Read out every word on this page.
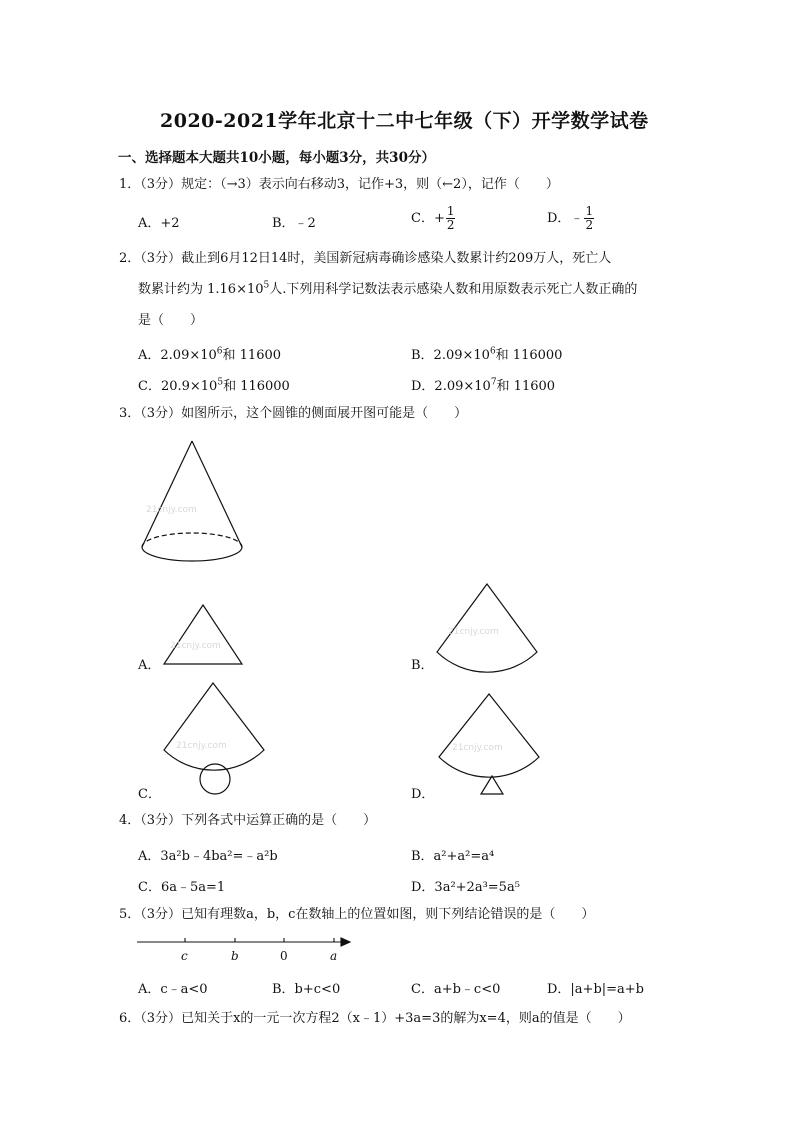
2020-2021学年北京十二中七年级（下）开学数学试卷
一、选择题本大题共10小题，每小题3分，共30分）
1．（3分）规定：（→3）表示向右移动3，记作+3，则（←2），记作（　　）
A．+2	B．﹣2	C．+ $\frac{1}{2}$	D．﹣ $\frac{1}{2}$
2．（3分）截止到6月12日14时，美国新冠病毒确诊感染人数累计约209万人，死亡人
数累计约为 $1.16\times 10^5$人.下列用科学记数法表示感染人数和用原数表示死亡人数正确的
是（　　）
A．$2.09\times 10^6$和 11600	B．$2.09\times 10^6$和 116000
C．$20.9\times 10^5$和 116000	D．$2.09\times 10^7$和 11600
3．（3分）如图所示，这个圆锥的侧面展开图可能是（　　）
21cnjy.com
21cnjy.com
21cnjy.com
21cnjy.com	21cnjy.com
c	b	0	a
A．	B．
C．	D．
4．（3分）下列各式中运算正确的是（　　）
A．3a²b﹣4ba²=﹣a²b	B．a²+a²=a⁴
C．6a﹣5a=1	D．3a²+2a³=5a⁵
5．（3分）已知有理数a，b，c在数轴上的位置如图，则下列结论错误的是（　　）
A．c﹣a<0	B．b+c<0	C．a+b﹣c<0	D．|a+b|=a+b
6．（3分）已知关于x的一元一次方程2（x﹣1）+3a=3的解为x=4，则a的值是（　　）
